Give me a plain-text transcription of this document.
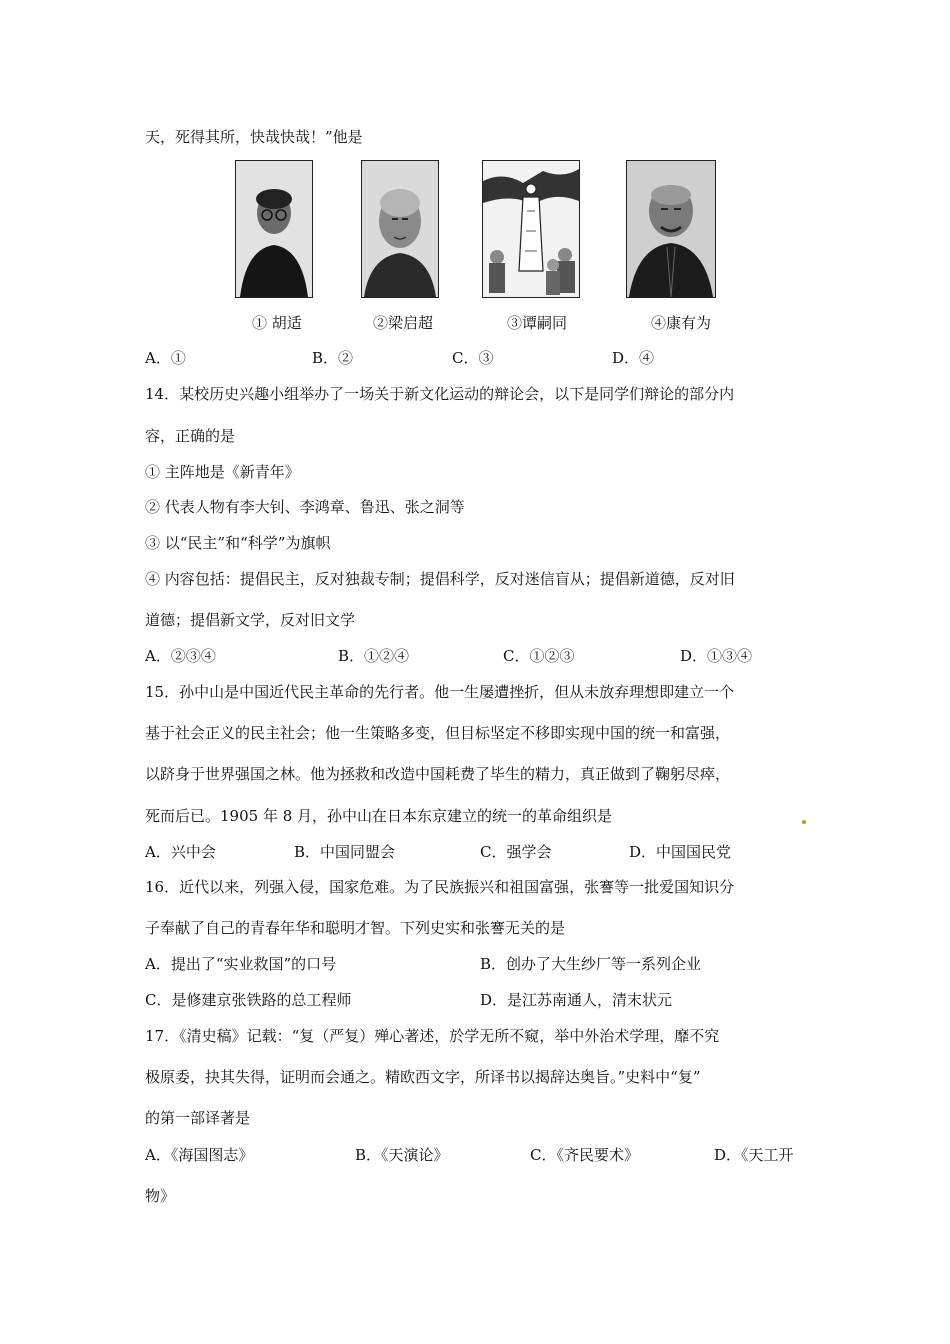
天，死得其所，快哉快哉！”他是
① 胡适	②梁启超	③谭嗣同	④康有为
A．①	B．②	C．③	D．④
14．某校历史兴趣小组举办了一场关于新文化运动的辩论会，以下是同学们辩论的部分内
容，正确的是
① 主阵地是《新青年》
② 代表人物有李大钊、李鸿章、鲁迅、张之洞等
③ 以“民主”和“科学”为旗帜
④ 内容包括：提倡民主，反对独裁专制；提倡科学，反对迷信盲从；提倡新道德，反对旧
道德；提倡新文学，反对旧文学
A．②③④	B．①②④	C．①②③	D．①③④
15．孙中山是中国近代民主革命的先行者。他一生屡遭挫折，但从未放弃理想即建立一个
基于社会正义的民主社会；他一生策略多变，但目标坚定不移即实现中国的统一和富强，
以跻身于世界强国之林。他为拯救和改造中国耗费了毕生的精力，真正做到了鞠躬尽瘁，
死而后已。1905 年 8 月，孙中山在日本东京建立的统一的革命组织是
A．兴中会	B．中国同盟会	C．强学会	D．中国国民党
16．近代以来，列强入侵，国家危难。为了民族振兴和祖国富强，张謇等一批爱国知识分
子奉献了自己的青春年华和聪明才智。下列史实和张謇无关的是
A．提出了“实业救国”的口号	B．创办了大生纱厂等一系列企业
C．是修建京张铁路的总工程师	D．是江苏南通人，清末状元
17．《清史稿》记载：“复（严复）殚心著述，於学无所不窥，举中外治术学理，靡不究
极原委，抉其失得，证明而会通之。精欧西文字，所译书以揭辞达奥旨。”史料中“复”
的第一部译著是
A．《海国图志》	B．《天演论》	C．《齐民要术》	D．《天工开
物》
